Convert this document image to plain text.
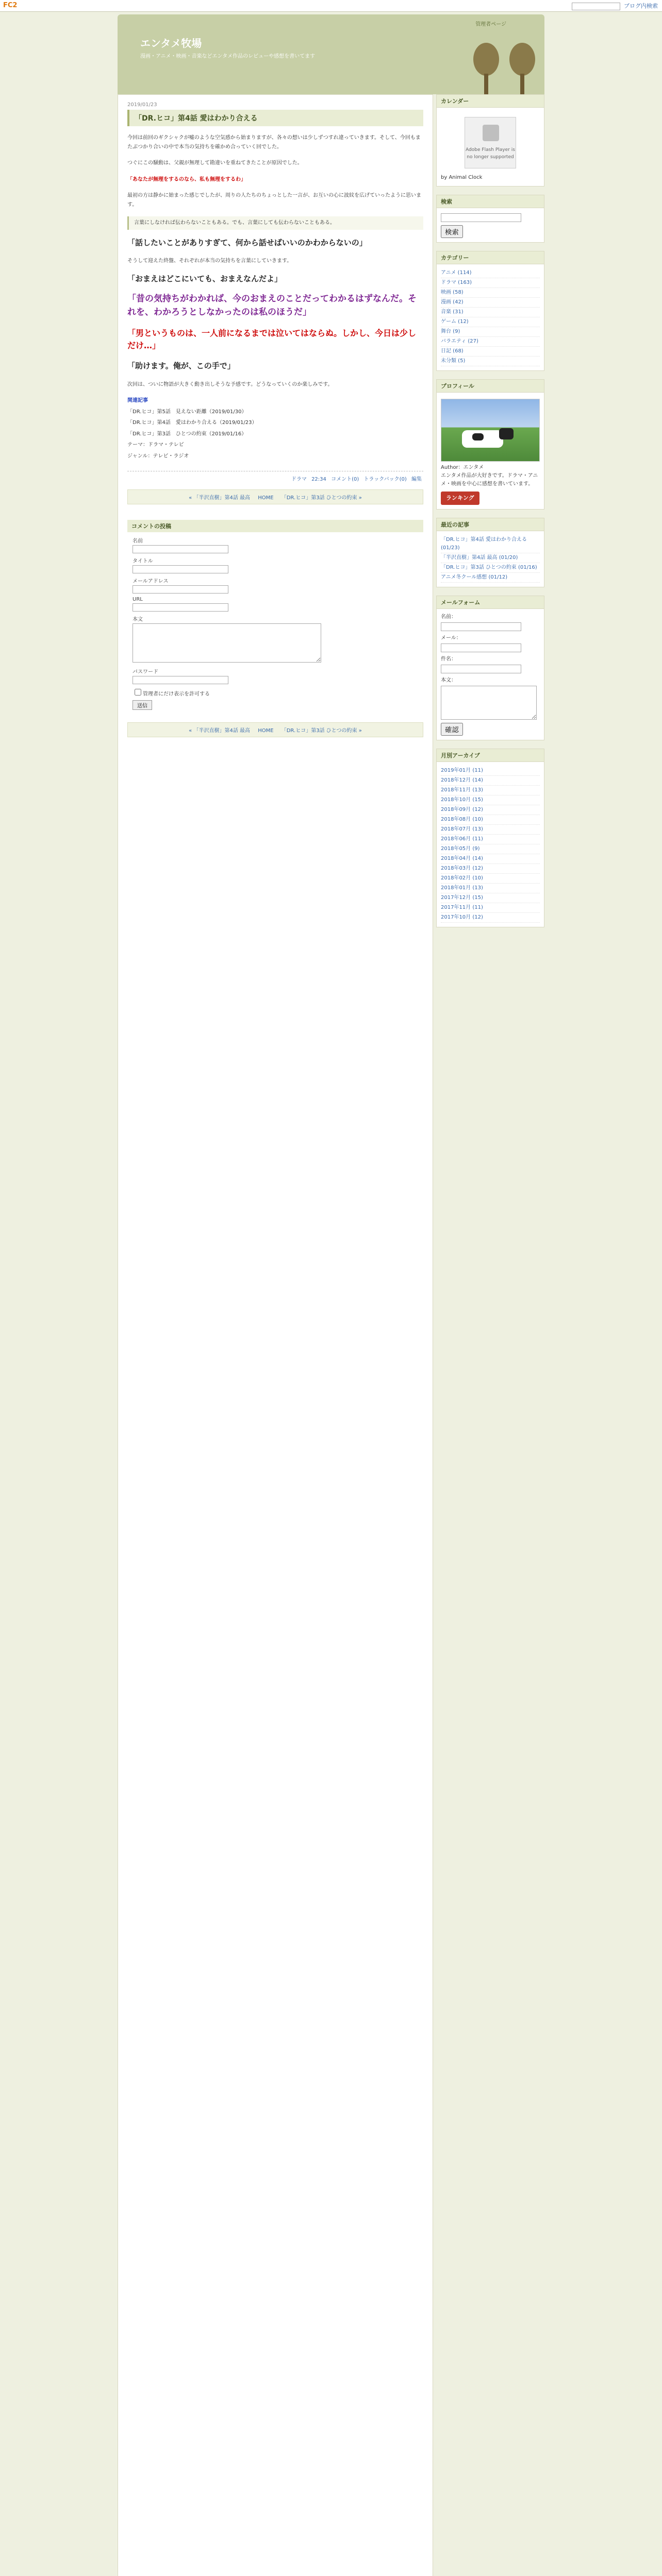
FC2	ブログ内検索
管理者ページ
エンタメ牧場
漫画・アニメ・映画・音楽などエンタメ作品のレビューや感想を書いてます
2019/01/23
「DR.ヒコ」第4話 愛はわかり合える

今回は前回のギクシャクが嘘のような空気感から始まりますが、各々の想いは少しずつすれ違っていきます。そして、今回もまたぶつかり合いの中で本当の気持ちを確かめ合っていく回でした。

つぐにこの騒動は、父親が無理して勘違いを重ねてきたことが原因でした。

「あなたが無理をするのなら、私も無理をするわ」

最初の方は静かに始まった感じでしたが、周りの人たちのちょっとした一言が、お互いの心に波紋を広げていったように思います。

言葉にしなければ伝わらないこともある。でも、言葉にしても伝わらないこともある。
「話したいことがありすぎて、何から話せばいいのかわからないの」

そうして迎えた終盤、それぞれが本当の気持ちを言葉にしていきます。

「おまえはどこにいても、おまえなんだよ」
「昔の気持ちがわかれば、今のおまえのことだってわかるはずなんだ。それを、わかろうとしなかったのは私のほうだ」
「男というものは、一人前になるまでは泣いてはならぬ。しかし、今日は少しだけ…」
「助けます。俺が、この手で」

次回は、ついに物語が大きく動き出しそうな予感です。どうなっていくのか楽しみです。

関連記事
「DR.ヒコ」第5話　見えない距離（2019/01/30）
「DR.ヒコ」第4話　愛はわかり合える（2019/01/23）
「DR.ヒコ」第3話　ひとつの約束（2019/01/16）
テーマ：ドラマ・テレビ
ジャンル：テレビ・ラジオ
ドラマ 22:34 コメント(0) トラックバック(0) 編集
« 「半沢直樹」第4話 最高 HOME 「DR.ヒコ」第3話 ひとつの約束 »
コメントの投稿
名前
タイトル
メールアドレス
URL
本文
パスワード
管理者にだけ表示を許可する
送信
« 「半沢直樹」第4話 最高 HOME 「DR.ヒコ」第3話 ひとつの約束 »
カレンダー
Adobe Flash Player is no longer supported
by Animal Clock
検索
検索
カテゴリー
アニメ (114)
ドラマ (163)
映画 (58)
漫画 (42)
音楽 (31)
ゲーム (12)
舞台 (9)
バラエティ (27)
日記 (68)
未分類 (5)
プロフィール
Author：エンタメ
エンタメ作品が大好きです。ドラマ・アニメ・映画を中心に感想を書いています。
ランキング
最近の記事
「DR.ヒコ」第4話 愛はわかり合える (01/23)
「半沢直樹」第4話 最高 (01/20)
「DR.ヒコ」第3話 ひとつの約束 (01/16)
アニメ冬クール感想 (01/12)
メールフォーム
名前：
メール：
件名：
本文：
確認
月別アーカイブ
2019年01月 (11)
2018年12月 (14)
2018年11月 (13)
2018年10月 (15)
2018年09月 (12)
2018年08月 (10)
2018年07月 (13)
2018年06月 (11)
2018年05月 (9)
2018年04月 (14)
2018年03月 (12)
2018年02月 (10)
2018年01月 (13)
2017年12月 (15)
2017年11月 (11)
2017年10月 (12)
